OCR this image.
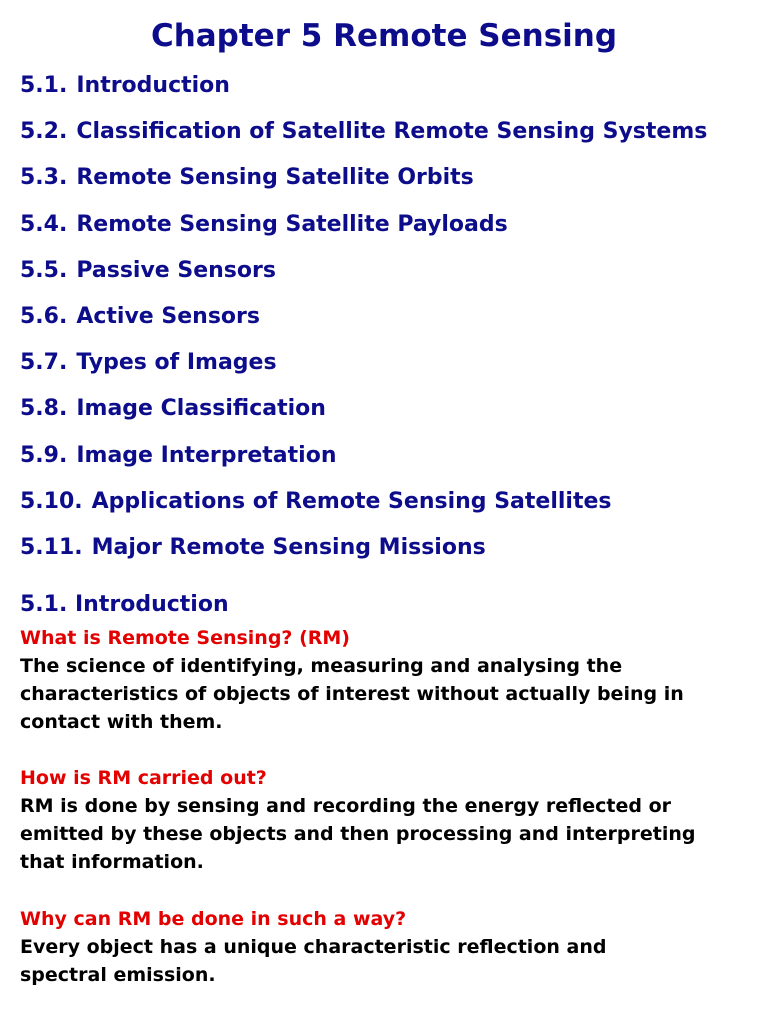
Chapter 5 Remote Sensing
5.1. Introduction
5.2. Classification of Satellite Remote Sensing Systems
5.3. Remote Sensing Satellite Orbits
5.4. Remote Sensing Satellite Payloads
5.5. Passive Sensors
5.6. Active Sensors
5.7. Types of Images
5.8. Image Classification
5.9. Image Interpretation
5.10. Applications of Remote Sensing Satellites
5.11. Major Remote Sensing Missions
5.1. Introduction
What is Remote Sensing? (RM)
The science of identifying, measuring and analysing the
characteristics of objects of interest without actually being in
contact with them.
How is RM carried out?
RM is done by sensing and recording the energy reflected or
emitted by these objects and then processing and interpreting
that information.
Why can RM be done in such a way?
Every object has a unique characteristic reflection and
spectral emission.
